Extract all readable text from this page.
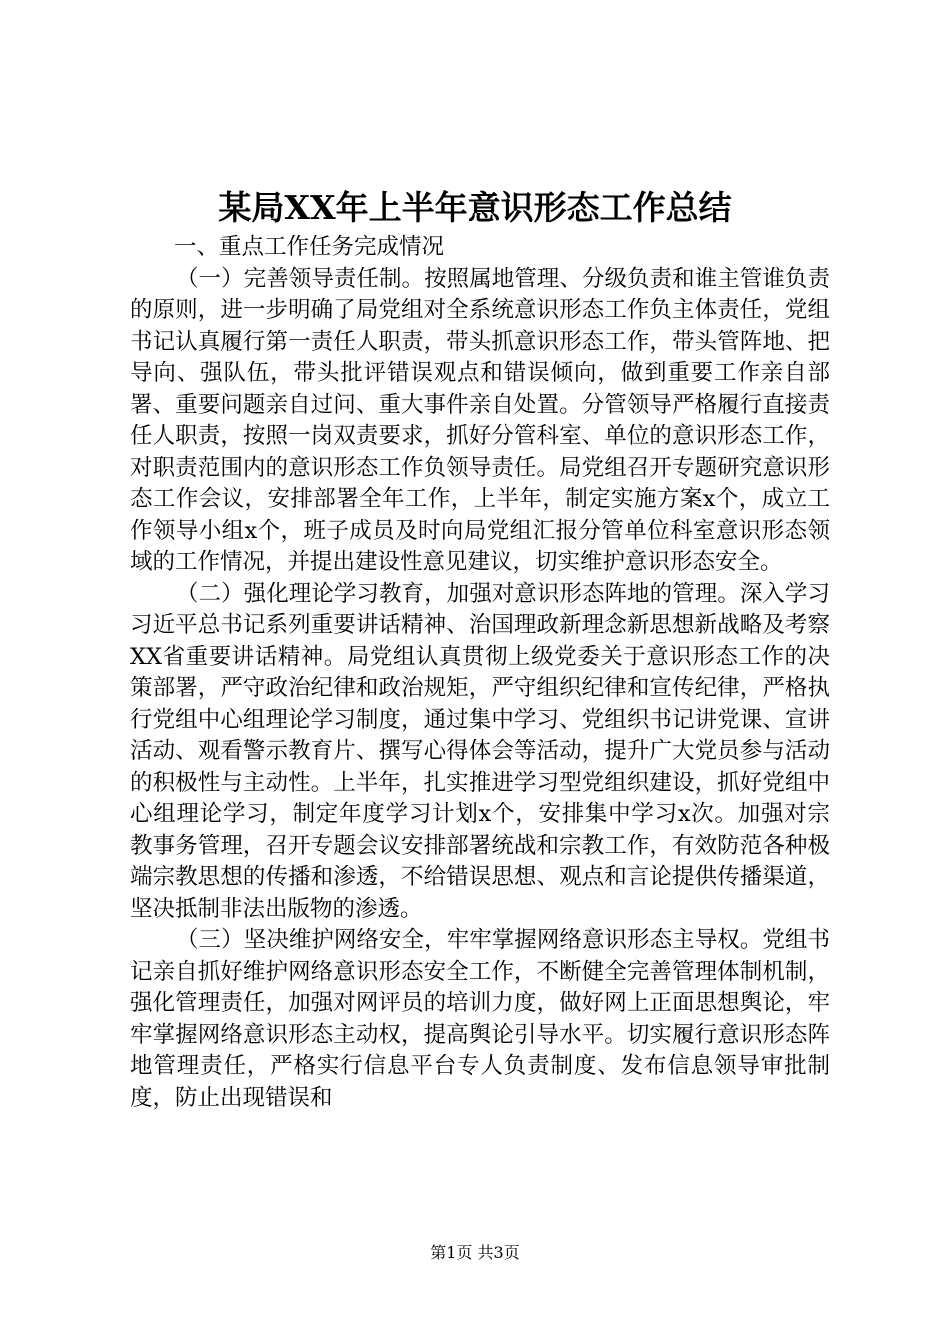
某局XX年上半年意识形态工作总结

一、重点工作任务完成情况

（一）完善领导责任制。按照属地管理、分级负责和谁主管谁负责的原则，进一步明确了局党组对全系统意识形态工作负主体责任，党组书记认真履行第一责任人职责，带头抓意识形态工作，带头管阵地、把导向、强队伍，带头批评错误观点和错误倾向，做到重要工作亲自部署、重要问题亲自过问、重大事件亲自处置。分管领导严格履行直接责任人职责，按照一岗双责要求，抓好分管科室、单位的意识形态工作，对职责范围内的意识形态工作负领导责任。局党组召开专题研究意识形态工作会议，安排部署全年工作，上半年，制定实施方案x个，成立工作领导小组x个，班子成员及时向局党组汇报分管单位科室意识形态领域的工作情况，并提出建设性意见建议，切实维护意识形态安全。

（二）强化理论学习教育，加强对意识形态阵地的管理。深入学习习近平总书记系列重要讲话精神、治国理政新理念新思想新战略及考察XX省重要讲话精神。局党组认真贯彻上级党委关于意识形态工作的决策部署，严守政治纪律和政治规矩，严守组织纪律和宣传纪律，严格执行党组中心组理论学习制度，通过集中学习、党组织书记讲党课、宣讲活动、观看警示教育片、撰写心得体会等活动，提升广大党员参与活动的积极性与主动性。上半年，扎实推进学习型党组织建设，抓好党组中心组理论学习，制定年度学习计划x个，安排集中学习x次。加强对宗教事务管理，召开专题会议安排部署统战和宗教工作，有效防范各种极端宗教思想的传播和渗透，不给错误思想、观点和言论提供传播渠道，坚决抵制非法出版物的渗透。

（三）坚决维护网络安全，牢牢掌握网络意识形态主导权。党组书记亲自抓好维护网络意识形态安全工作，不断健全完善管理体制机制，强化管理责任，加强对网评员的培训力度，做好网上正面思想舆论，牢牢掌握网络意识形态主动权，提高舆论引导水平。切实履行意识形态阵地管理责任，严格实行信息平台专人负责制度、发布信息领导审批制度，防止出现错误和

第1页 共3页
